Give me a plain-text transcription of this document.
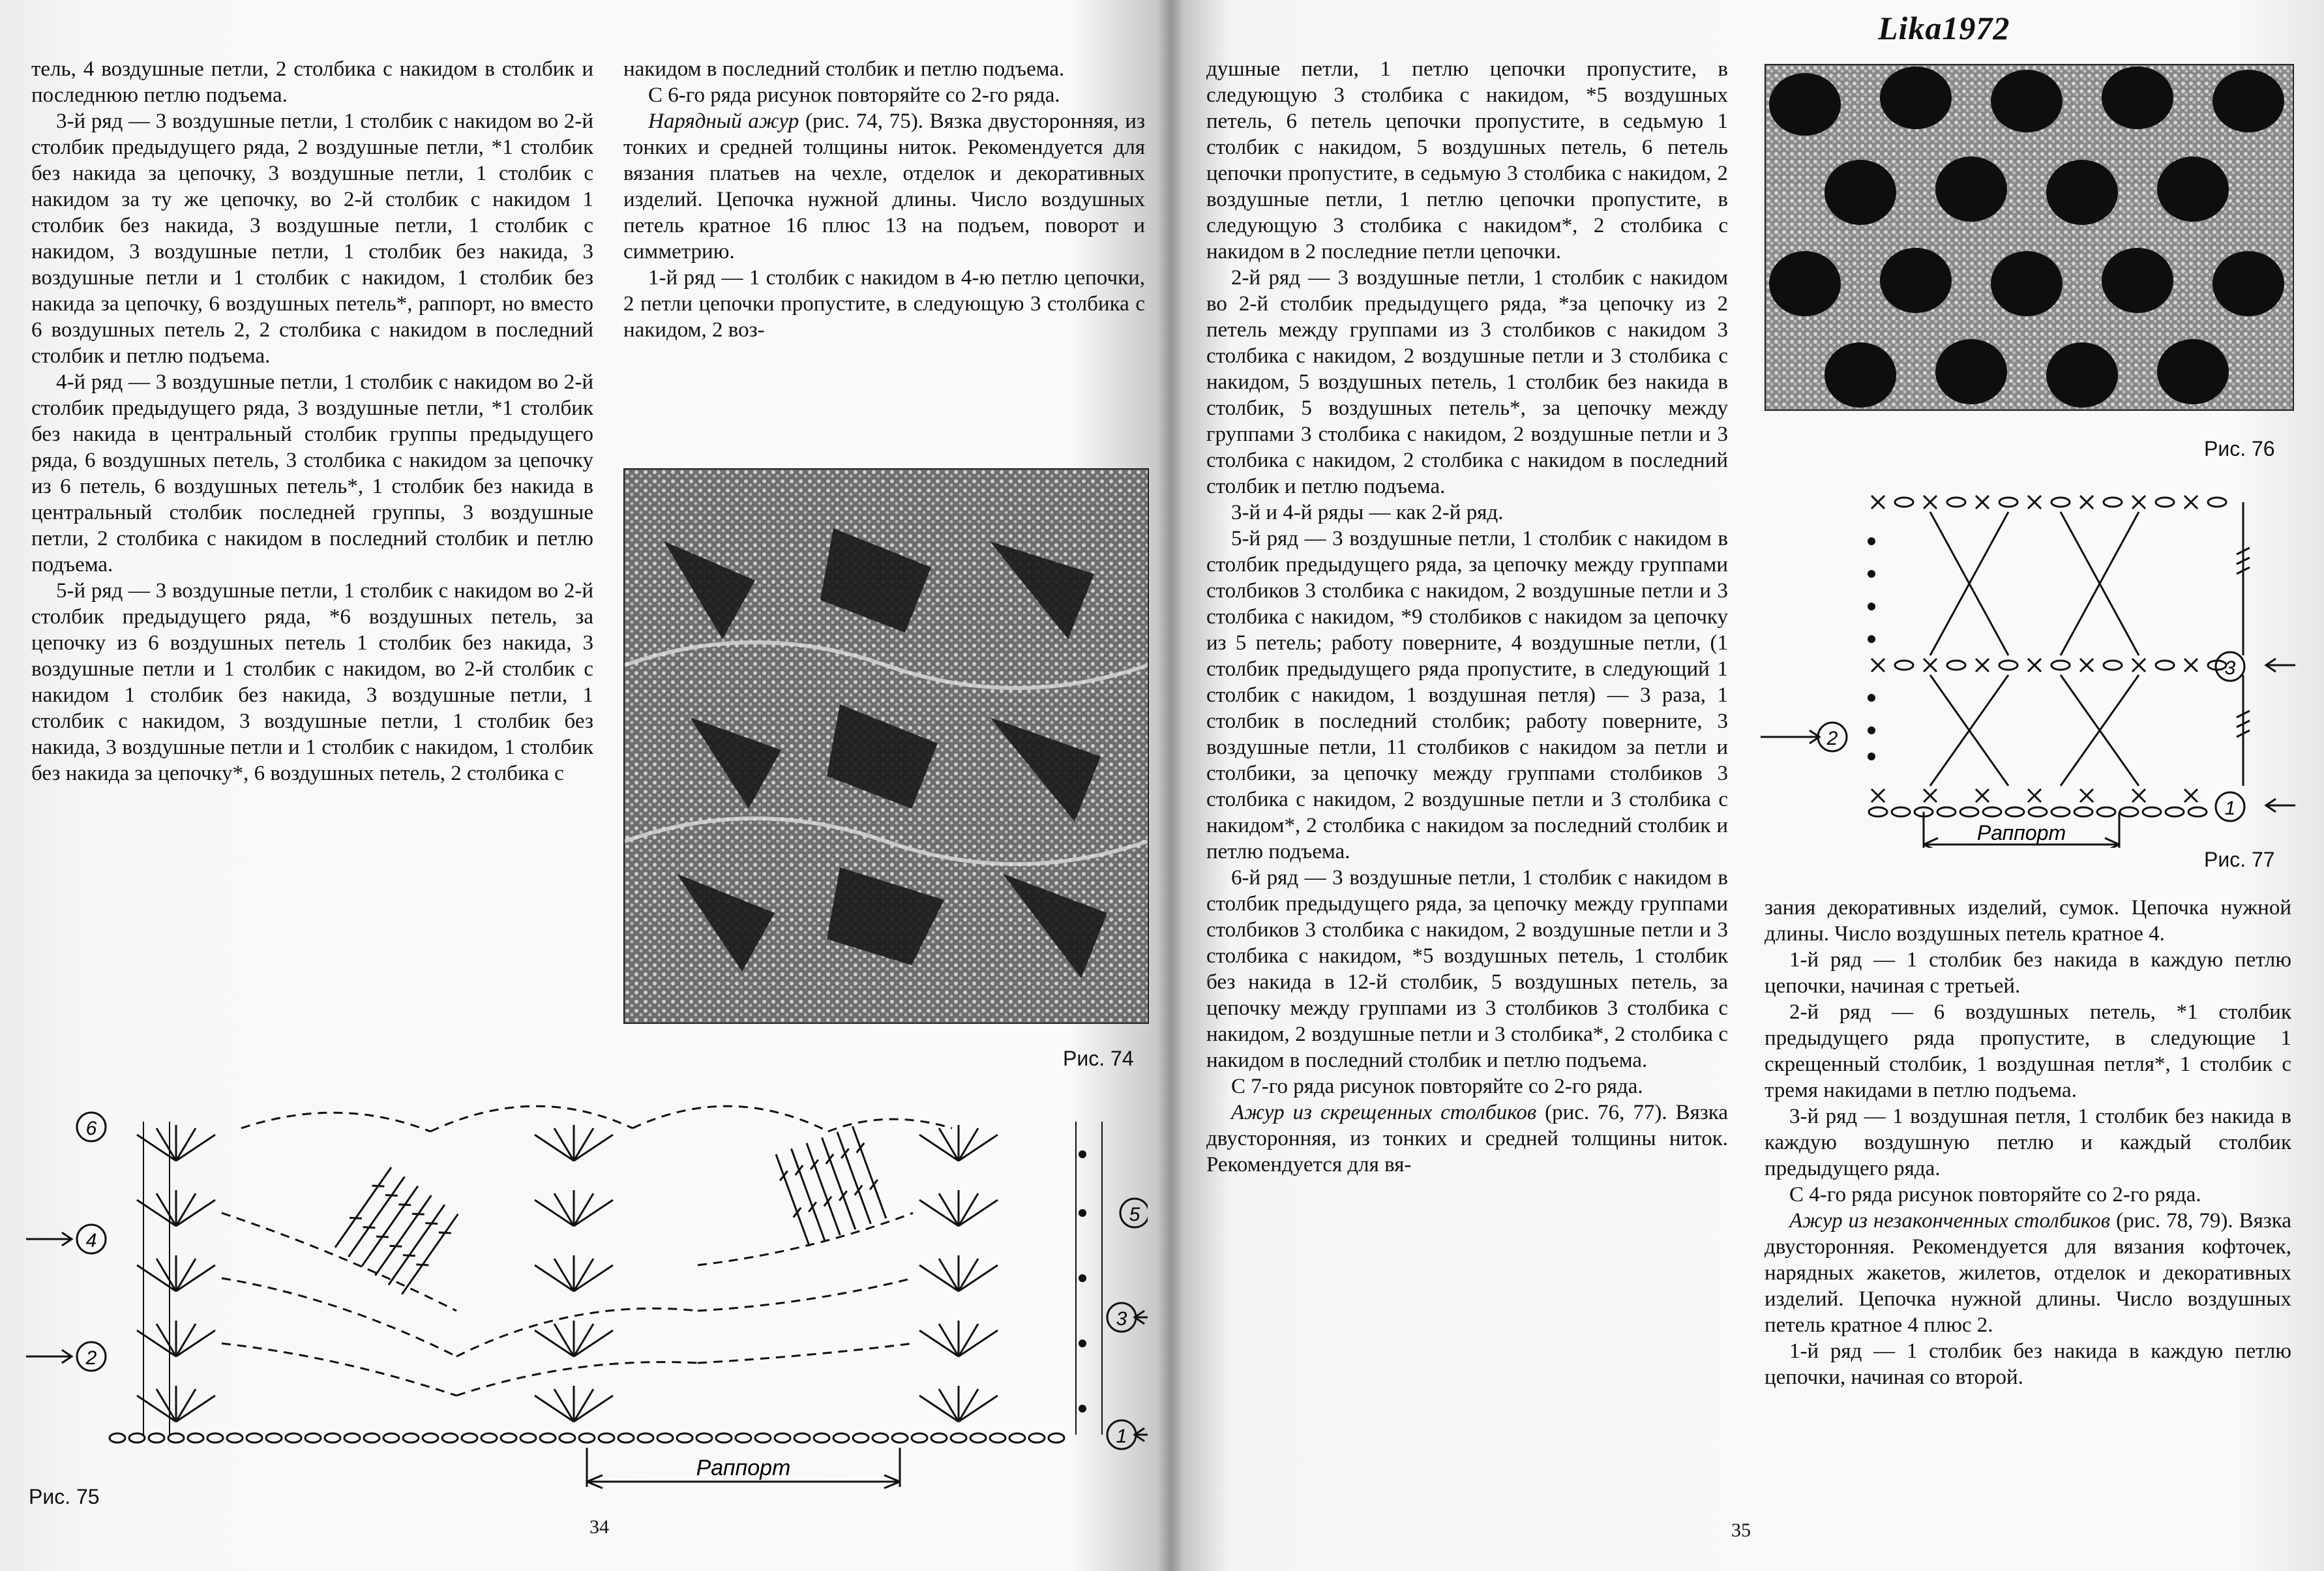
тель, 4 воздушные петли, 2 столбика с накидом в столбик и последнюю петлю подъема.

3-й ряд — 3 воздушные петли, 1 столбик с накидом во 2-й столбик предыдущего ряда, 2 воздушные петли, *1 столбик без накида за цепочку, 3 воздушные петли, 1 столбик с накидом за ту же цепочку, во 2-й столбик с накидом 1 столбик без накида, 3 воздушные петли, 1 столбик с накидом, 3 воздушные петли, 1 столбик без накида, 3 воздушные петли и 1 столбик с накидом, 1 столбик без накида за цепочку, 6 воздушных петель*, раппорт, но вместо 6 воздушных петель 2, 2 столбика с накидом в последний столбик и петлю подъема.

4-й ряд — 3 воздушные петли, 1 столбик с накидом во 2-й столбик предыдущего ряда, 3 воздушные петли, *1 столбик без накида в центральный столбик группы предыдущего ряда, 6 воздушных петель, 3 столбика с накидом за цепочку из 6 петель, 6 воздушных петель*, 1 столбик без накида в центральный столбик последней группы, 3 воздушные петли, 2 столбика с накидом в последний столбик и петлю подъема.

5-й ряд — 3 воздушные петли, 1 столбик с накидом во 2-й столбик предыдущего ряда, *6 воздушных петель, за цепочку из 6 воздушных петель 1 столбик без накида, 3 воздушные петли и 1 столбик с накидом, во 2-й столбик с накидом 1 столбик без накида, 3 воздушные петли, 1 столбик с накидом, 3 воздушные петли, 1 столбик без накида, 3 воздушные петли и 1 столбик с накидом, 1 столбик без накида за цепочку*, 6 воздушных петель, 2 столбика с

накидом в последний столбик и петлю подъема.

С 6-го ряда рисунок повторяйте со 2-го ряда.

Нарядный ажур (рис. 74, 75). Вязка двусторонняя, из тонких и средней толщины ниток. Рекомендуется для вязания платьев на чехле, отделок и декоративных изделий. Цепочка нужной длины. Число воздушных петель кратное 16 плюс 13 на подъем, поворот и симметрию.

1-й ряд — 1 столбик с накидом в 4-ю петлю цепочки, 2 петли цепочки пропустите, в следующую 3 столбика с накидом, 2 воз-

Рис. 74
6
5
4
3
2
1
Раппорт
Рис. 75
34
Lika1972

душные петли, 1 петлю цепочки пропустите, в следующую 3 столбика с накидом, *5 воздушных петель, 6 петель цепочки пропустите, в седьмую 1 столбик с накидом, 5 воздушных петель, 6 петель цепочки пропустите, в седьмую 3 столбика с накидом, 2 воздушные петли, 1 петлю цепочки пропустите, в следующую 3 столбика с накидом*, 2 столбика с накидом в 2 последние петли цепочки.

2-й ряд — 3 воздушные петли, 1 столбик с накидом во 2-й столбик предыдущего ряда, *за цепочку из 2 петель между группами из 3 столбиков с накидом 3 столбика с накидом, 2 воздушные петли и 3 столбика с накидом, 5 воздушных петель, 1 столбик без накида в столбик, 5 воздушных петель*, за цепочку между группами 3 столбика с накидом, 2 воздушные петли и 3 столбика с накидом, 2 столбика с накидом в последний столбик и петлю подъема.

3-й и 4-й ряды — как 2-й ряд.

5-й ряд — 3 воздушные петли, 1 столбик с накидом в столбик предыдущего ряда, за цепочку между группами столбиков 3 столбика с накидом, 2 воздушные петли и 3 столбика с накидом, *9 столбиков с накидом за цепочку из 5 петель; работу поверните, 4 воздушные петли, (1 столбик предыдущего ряда пропустите, в следующий 1 столбик с накидом, 1 воздушная петля) — 3 раза, 1 столбик в последний столбик; работу поверните, 3 воздушные петли, 11 столбиков с накидом за петли и столбики, за цепочку между группами столбиков 3 столбика с накидом, 2 воздушные петли и 3 столбика с накидом*, 2 столбика с накидом за последний столбик и петлю подъема.

6-й ряд — 3 воздушные петли, 1 столбик с накидом в столбик предыдущего ряда, за цепочку между группами столбиков 3 столбика с накидом, 2 воздушные петли и 3 столбика с накидом, *5 воздушных петель, 1 столбик без накида в 12-й столбик, 5 воздушных петель, за цепочку между группами из 3 столбиков 3 столбика с накидом, 2 воздушные петли и 3 столбика*, 2 столбика с накидом в последний столбик и петлю подъема.

С 7-го ряда рисунок повторяйте со 2-го ряда.

Ажур из скрещенных столбиков (рис. 76, 77). Вязка двусторонняя, из тонких и средней толщины ниток. Рекомендуется для вя-

Рис. 76
3
2
1
Раппорт
Рис. 77

зания декоративных изделий, сумок. Цепочка нужной длины. Число воздушных петель кратное 4.

1-й ряд — 1 столбик без накида в каждую петлю цепочки, начиная с третьей.

2-й ряд — 6 воздушных петель, *1 столбик предыдущего ряда пропустите, в следующие 1 скрещенный столбик, 1 воздушная петля*, 1 столбик с тремя накидами в петлю подъема.

3-й ряд — 1 воздушная петля, 1 столбик без накида в каждую воздушную петлю и каждый столбик предыдущего ряда.

С 4-го ряда рисунок повторяйте со 2-го ряда.

Ажур из незаконченных столбиков (рис. 78, 79). Вязка двусторонняя. Рекомендуется для вязания кофточек, нарядных жакетов, жилетов, отделок и декоративных изделий. Цепочка нужной длины. Число воздушных петель кратное 4 плюс 2.

1-й ряд — 1 столбик без накида в каждую петлю цепочки, начиная со второй.

35
